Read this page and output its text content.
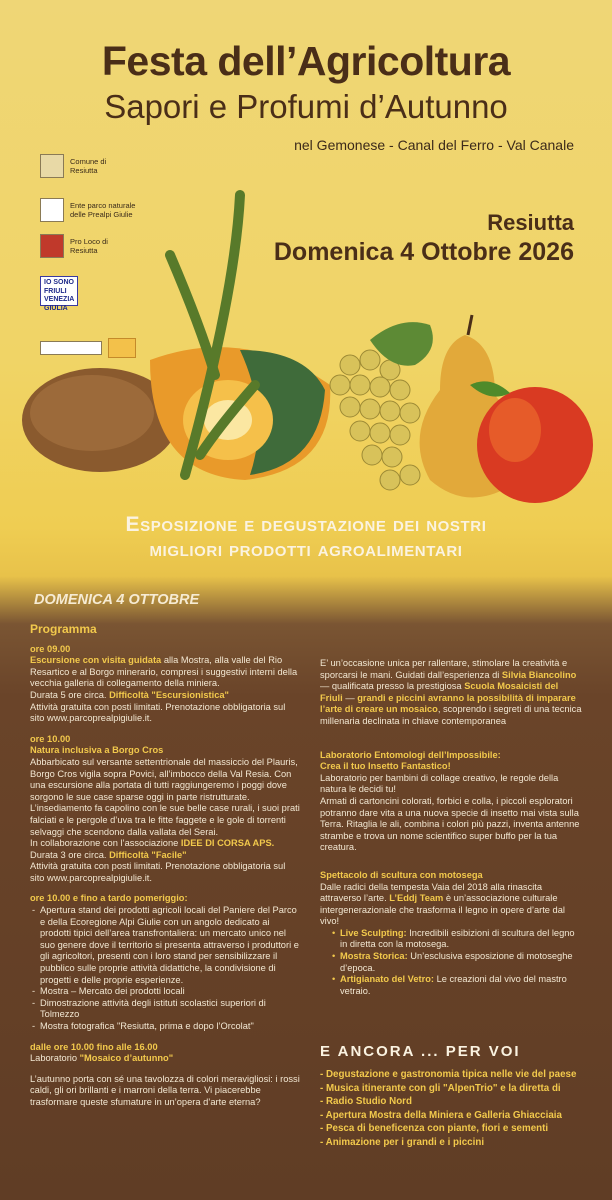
Festa dell’Agricoltura
Sapori e Profumi d’Autunno
nel Gemonese - Canal del Ferro - Val Canale
Resiutta
Domenica 4 Ottobre 2026
Comune di
Resiutta
Ente parco naturale
delle Prealpi Giulie
Pro Loco di
Resiutta
IO SONO
FRIULI
VENEZIA
GIULIA
Esposizione e degustazione dei nostri
migliori prodotti agroalimentari
DOMENICA 4 OTTOBRE

Programma

ore 09.00

Escursione con visita guidata alla Mostra, alla valle del Rio Resartico e al Borgo minerario, compresi i suggestivi interni della vecchia galleria di collegamento della miniera.

Durata 5 ore circa. Difficoltà "Escursionistica"

Attività gratuita con posti limitati. Prenotazione obbligatoria sul sito www.parcoprealpigiulie.it.

ore 10.00

Natura inclusiva a Borgo Cros

Abbarbicato sul versante settentrionale del massiccio del Plauris, Borgo Cros vigila sopra Povici, all’imbocco della Val Resia. Con una escursione alla portata di tutti raggiungeremo i poggi dove sorgono le sue case sparse oggi in parte ristrutturate. L’insediamento fa capolino con le sue belle case rurali, i suoi prati falciati e le pergole d’uva tra le fitte faggete e le gole di torrenti selvaggi che scendono dalla vallata del Serai.

In collaborazione con l’associazione IDEE DI CORSA APS.

Durata 3 ore circa. Difficoltà "Facile"

Attività gratuita con posti limitati. Prenotazione obbligatoria sul sito www.parcoprealpigiulie.it.

ore 10.00 e fino a tardo pomeriggio:

- Apertura stand dei prodotti agricoli locali del Paniere del Parco e della Ecoregione Alpi Giulie con un angolo dedicato ai prodotti tipici dell’area transfrontaliera: un mercato unico nel suo genere dove il territorio si presenta attraverso i produttori e gli agricoltori, presenti con i loro stand per sensibilizzare il pubblico sulle proprie attività didattiche, la condivisione di progetti e delle proprie esperienze.
- Mostra – Mercato dei prodotti locali
- Dimostrazione attività degli istituti scolastici superiori di Tolmezzo
- Mostra fotografica "Resiutta, prima e dopo l’Orcolat"

dalle ore 10.00 fino alle 16.00

Laboratorio "Mosaico d’autunno"

L’autunno porta con sé una tavolozza di colori meravigliosi: i rossi caldi, gli ori brillanti e i marroni della terra. Vi piacerebbe trasformare queste sfumature in un’opera d’arte eterna?

E’ un’occasione unica per rallentare, stimolare la creatività e sporcarsi le mani. Guidati dall’esperienza di Silvia Biancolino — qualificata presso la prestigiosa Scuola Mosaicisti del Friuli — grandi e piccini avranno la possibilità di imparare l’arte di creare un mosaico, scoprendo i segreti di una tecnica millenaria declinata in chiave contemporanea

Laboratorio Entomologi dell’Impossibile:

Crea il tuo Insetto Fantastico!

Laboratorio per bambini di collage creativo, le regole della natura le decidi tu!

Armati di cartoncini colorati, forbici e colla, i piccoli esploratori potranno dare vita a una nuova specie di insetto mai vista sulla Terra. Ritaglia le ali, combina i colori più pazzi, inventa antenne strambe e trova un nome scientifico super buffo per la tua creatura.

Spettacolo di scultura con motosega

Dalle radici della tempesta Vaia del 2018 alla rinascita attraverso l’arte. L’Eddj Team è un’associazione culturale intergenerazionale che trasforma il legno in opere d’arte dal vivo!

• Live Sculpting: Incredibili esibizioni di scultura del legno in diretta con la motosega.
• Mostra Storica: Un’esclusiva esposizione di motoseghe d’epoca.
• Artigianato del Vetro: Le creazioni dal vivo del mastro vetraio.
E ANCORA ... PER VOI
- Degustazione e gastronomia tipica nelle vie del paese
- Musica itinerante con gli "AlpenTrio" e la diretta di
- Radio Studio Nord
- Apertura Mostra della Miniera e Galleria Ghiacciaia
- Pesca di beneficenza con piante, fiori e sementi
- Animazione per i grandi e i piccini
